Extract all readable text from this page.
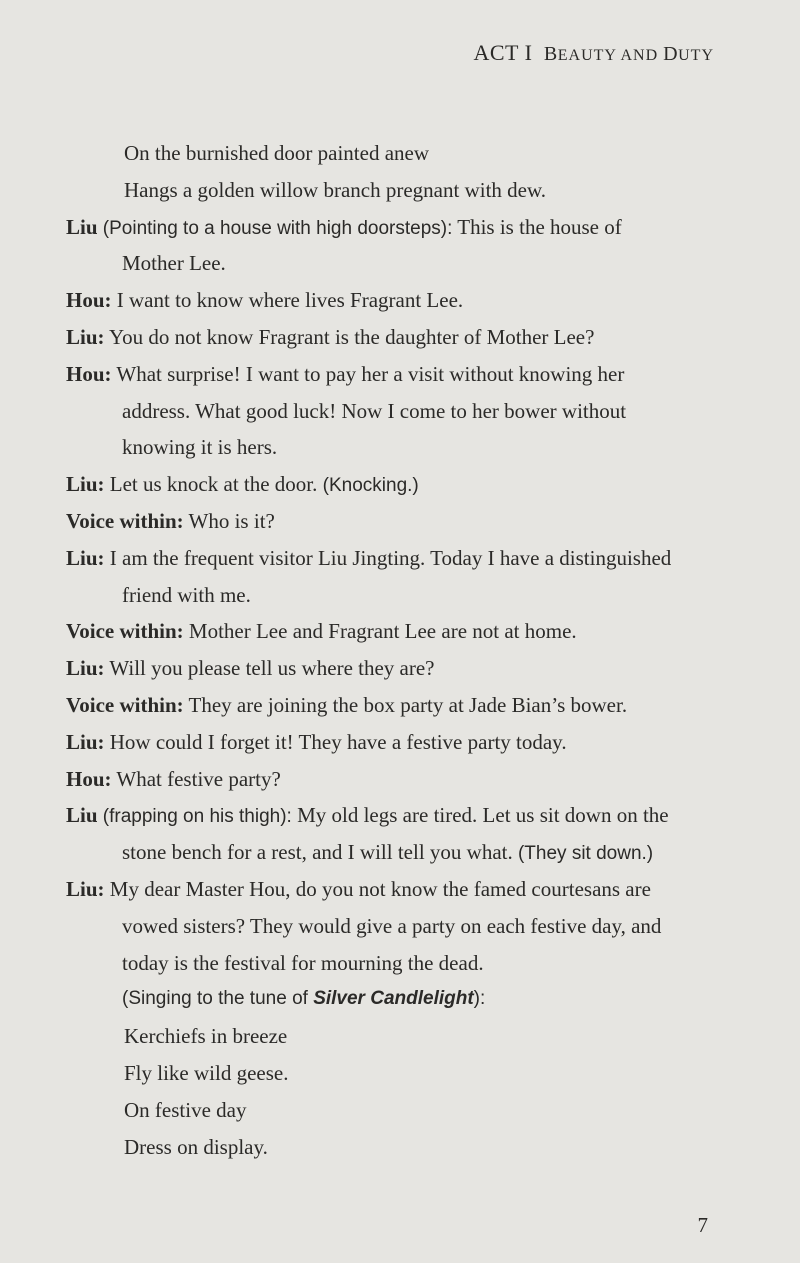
ACT I BEAUTY AND DUTY
On the burnished door painted anew
Hangs a golden willow branch pregnant with dew.
Liu (Pointing to a house with high doorsteps): This is the house of
Mother Lee.
Hou: I want to know where lives Fragrant Lee.
Liu: You do not know Fragrant is the daughter of Mother Lee?
Hou: What surprise! I want to pay her a visit without knowing her
address. What good luck! Now I come to her bower without
knowing it is hers.
Liu: Let us knock at the door. (Knocking.)
Voice within: Who is it?
Liu: I am the frequent visitor Liu Jingting. Today I have a distinguished
friend with me.
Voice within: Mother Lee and Fragrant Lee are not at home.
Liu: Will you please tell us where they are?
Voice within: They are joining the box party at Jade Bian’s bower.
Liu: How could I forget it! They have a festive party today.
Hou: What festive party?
Liu (frapping on his thigh): My old legs are tired. Let us sit down on the
stone bench for a rest, and I will tell you what. (They sit down.)
Liu: My dear Master Hou, do you not know the famed courtesans are
vowed sisters? They would give a party on each festive day, and
today is the festival for mourning the dead.
(Singing to the tune of Silver Candlelight):
Kerchiefs in breeze
Fly like wild geese.
On festive day
Dress on display.
7
